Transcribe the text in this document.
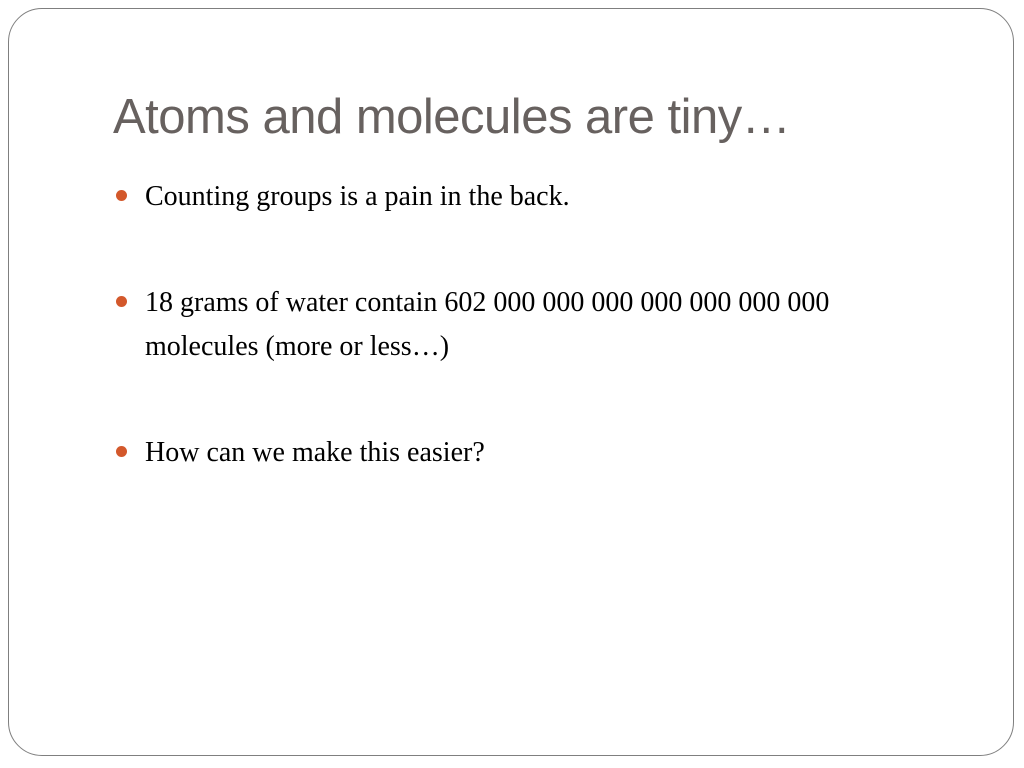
Atoms and molecules are tiny…
Counting groups is a pain in the back.
18 grams of water contain 602 000 000 000 000 000 000 000 molecules (more or less…)
How can we make this easier?
